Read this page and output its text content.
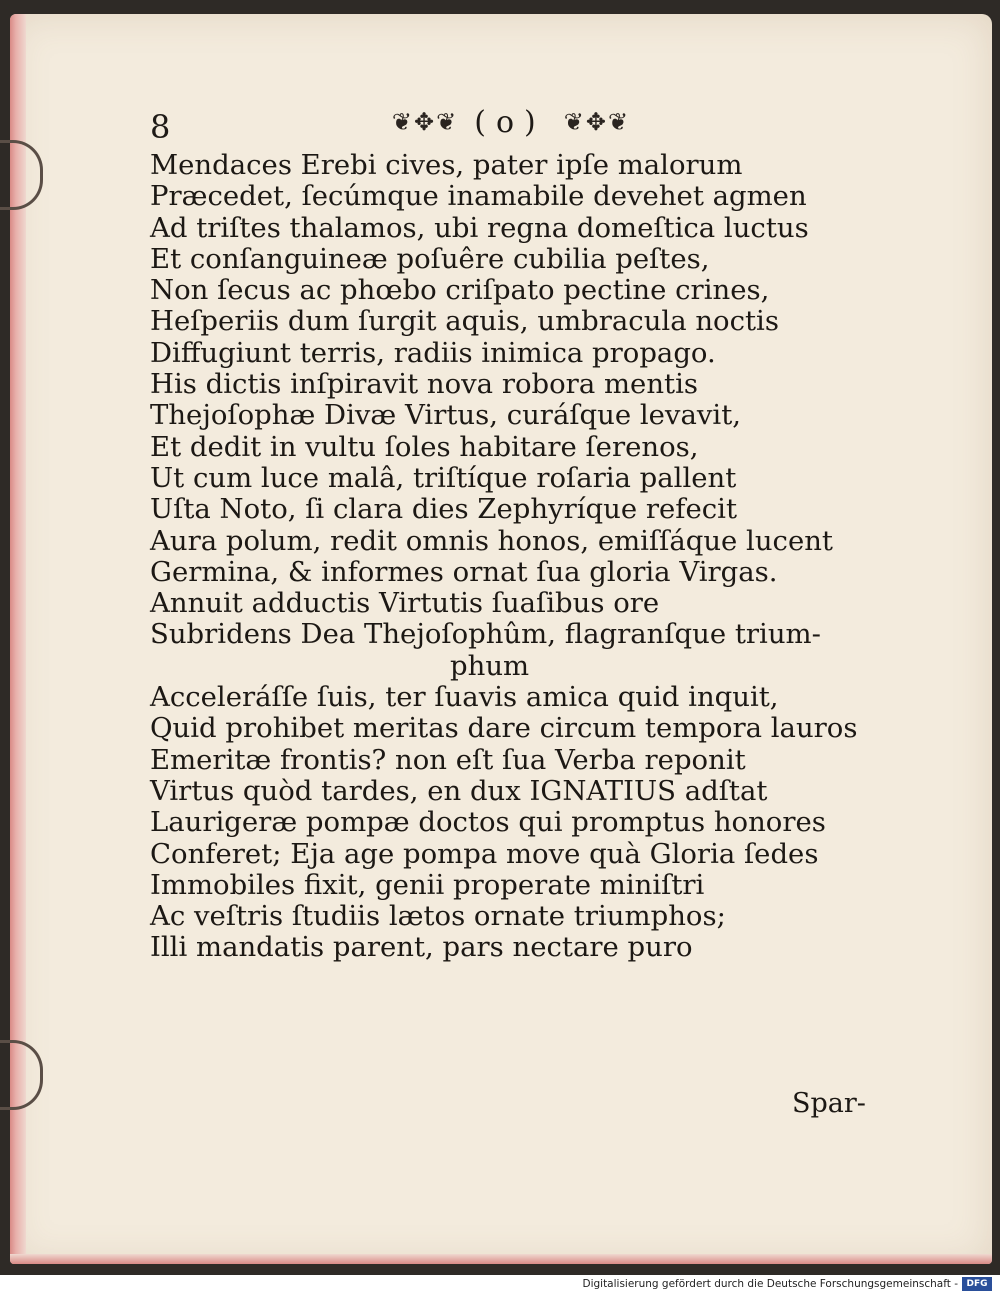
8	❦ ✥ ❦ (o) ❦ ✥ ❦
Mendaces Erebi cives, pater ipſe malorum
Præcedet, ſecúmque inamabile devehet agmen
Ad triſtes thalamos, ubi regna domeſtica luctus
Et conſanguineæ poſuêre cubilia peſtes,
Non ſecus ac phœbo criſpato pectine crines,
Heſperiis dum ſurgit aquis, umbracula noctis
Diffugiunt terris, radiis inimica propago.
His dictis inſpiravit nova robora mentis
Thejoſophæ Divæ Virtus, curáſque levavit,
Et dedit in vultu ſoles habitare ſerenos,
Ut cum luce malâ, triſtíque roſaria pallent
Uſta Noto, ſi clara dies Zephyríque refecit
Aura polum, redit omnis honos, emiſſáque lucent
Germina, & informes ornat ſua gloria Virgas.
Annuit adductis Virtutis ſuaſibus ore
Subridens Dea Thejoſophûm, flagranſque trium-
phum
Acceleráſſe ſuis, ter ſuavis amica quid inquit,
Quid prohibet meritas dare circum tempora lauros
Emeritæ frontis? non eſt ſua Verba reponit
Virtus quòd tardes, en dux IGNATIUS adſtat
Laurigeræ pompæ doctos qui promptus honores
Conferet; Eja age pompa move quà Gloria ſedes
Immobiles fixit, genii properate miniſtri
Ac veſtris ſtudiis lætos ornate triumphos;
Illi mandatis parent, pars nectare puro
Spar-
Digitalisierung gefördert durch die Deutsche Forschungsgemeinschaft - DFG
